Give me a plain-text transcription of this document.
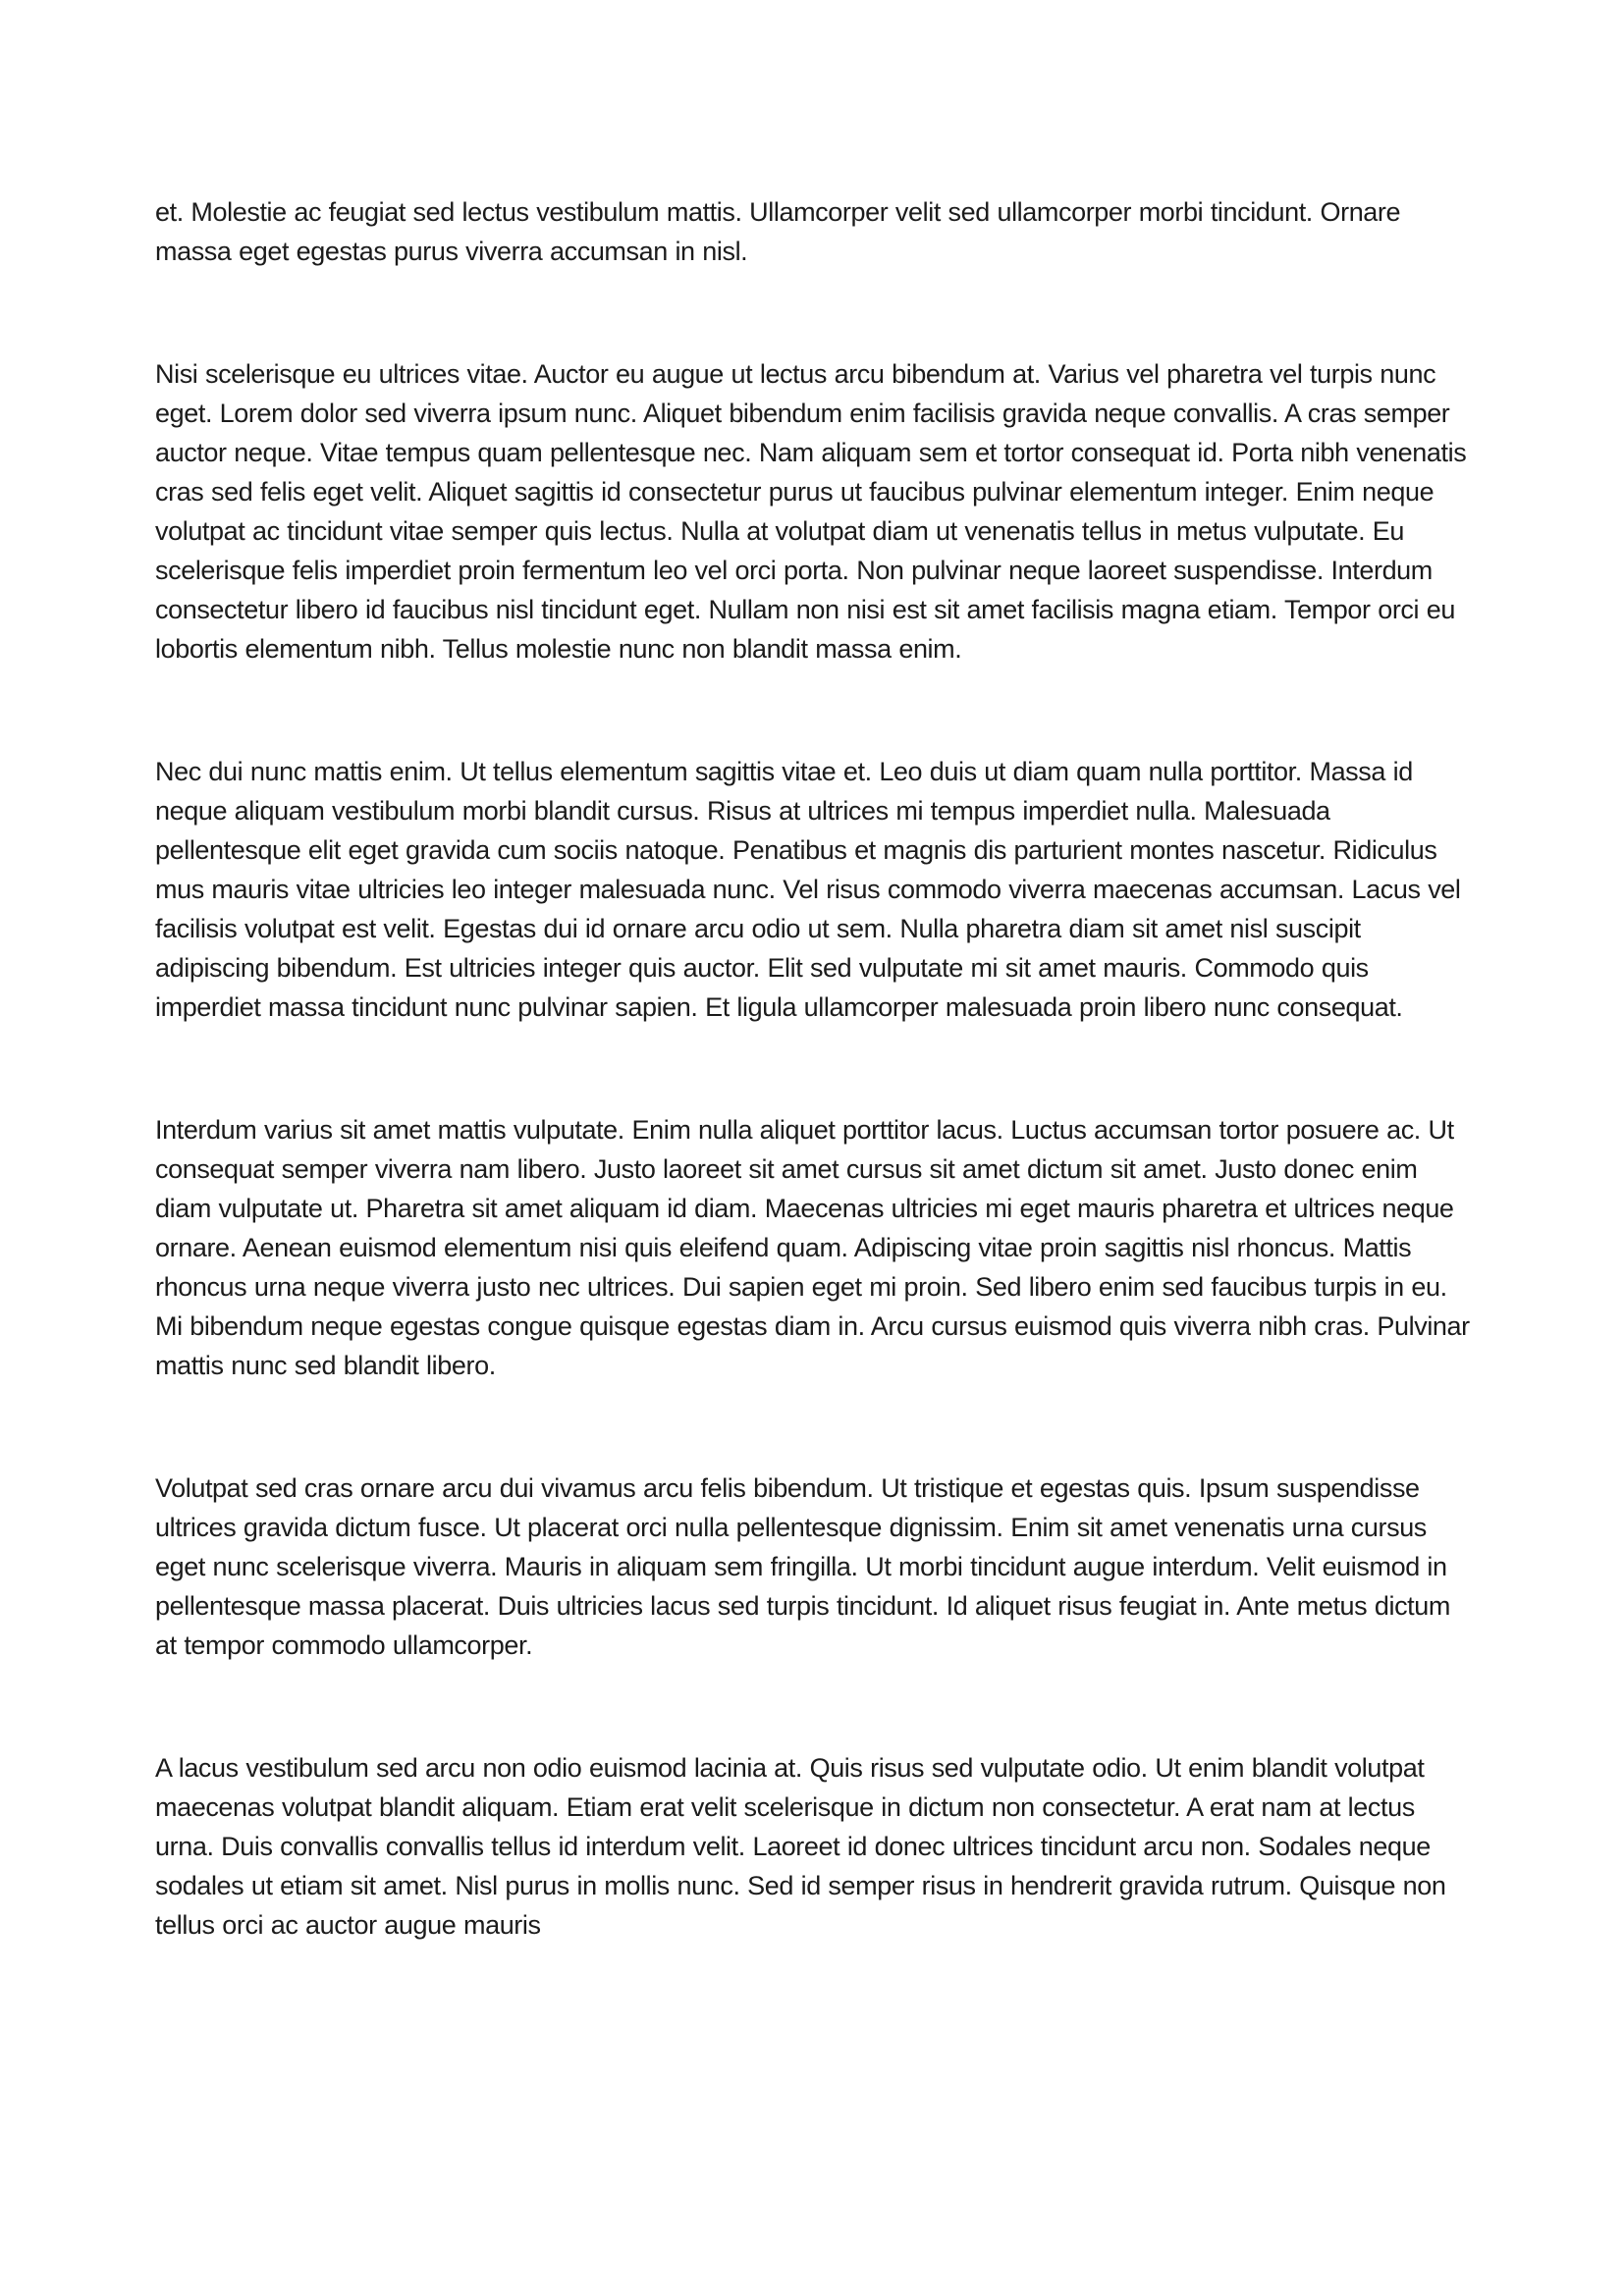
et. Molestie ac feugiat sed lectus vestibulum mattis. Ullamcorper velit sed ullamcorper morbi tincidunt. Ornare massa eget egestas purus viverra accumsan in nisl.

Nisi scelerisque eu ultrices vitae. Auctor eu augue ut lectus arcu bibendum at. Varius vel pharetra vel turpis nunc eget. Lorem dolor sed viverra ipsum nunc. Aliquet bibendum enim facilisis gravida neque convallis. A cras semper auctor neque. Vitae tempus quam pellentesque nec. Nam aliquam sem et tortor consequat id. Porta nibh venenatis cras sed felis eget velit. Aliquet sagittis id consectetur purus ut faucibus pulvinar elementum integer. Enim neque volutpat ac tincidunt vitae semper quis lectus. Nulla at volutpat diam ut venenatis tellus in metus vulputate. Eu scelerisque felis imperdiet proin fermentum leo vel orci porta. Non pulvinar neque laoreet suspendisse. Interdum consectetur libero id faucibus nisl tincidunt eget. Nullam non nisi est sit amet facilisis magna etiam. Tempor orci eu lobortis elementum nibh. Tellus molestie nunc non blandit massa enim.

Nec dui nunc mattis enim. Ut tellus elementum sagittis vitae et. Leo duis ut diam quam nulla porttitor. Massa id neque aliquam vestibulum morbi blandit cursus. Risus at ultrices mi tempus imperdiet nulla. Malesuada pellentesque elit eget gravida cum sociis natoque. Penatibus et magnis dis parturient montes nascetur. Ridiculus mus mauris vitae ultricies leo integer malesuada nunc. Vel risus commodo viverra maecenas accumsan. Lacus vel facilisis volutpat est velit. Egestas dui id ornare arcu odio ut sem. Nulla pharetra diam sit amet nisl suscipit adipiscing bibendum. Est ultricies integer quis auctor. Elit sed vulputate mi sit amet mauris. Commodo quis imperdiet massa tincidunt nunc pulvinar sapien. Et ligula ullamcorper malesuada proin libero nunc consequat.

Interdum varius sit amet mattis vulputate. Enim nulla aliquet porttitor lacus. Luctus accumsan tortor posuere ac. Ut consequat semper viverra nam libero. Justo laoreet sit amet cursus sit amet dictum sit amet. Justo donec enim diam vulputate ut. Pharetra sit amet aliquam id diam. Maecenas ultricies mi eget mauris pharetra et ultrices neque ornare. Aenean euismod elementum nisi quis eleifend quam. Adipiscing vitae proin sagittis nisl rhoncus. Mattis rhoncus urna neque viverra justo nec ultrices. Dui sapien eget mi proin. Sed libero enim sed faucibus turpis in eu. Mi bibendum neque egestas congue quisque egestas diam in. Arcu cursus euismod quis viverra nibh cras. Pulvinar mattis nunc sed blandit libero.

Volutpat sed cras ornare arcu dui vivamus arcu felis bibendum. Ut tristique et egestas quis. Ipsum suspendisse ultrices gravida dictum fusce. Ut placerat orci nulla pellentesque dignissim. Enim sit amet venenatis urna cursus eget nunc scelerisque viverra. Mauris in aliquam sem fringilla. Ut morbi tincidunt augue interdum. Velit euismod in pellentesque massa placerat. Duis ultricies lacus sed turpis tincidunt. Id aliquet risus feugiat in. Ante metus dictum at tempor commodo ullamcorper.

A lacus vestibulum sed arcu non odio euismod lacinia at. Quis risus sed vulputate odio. Ut enim blandit volutpat maecenas volutpat blandit aliquam. Etiam erat velit scelerisque in dictum non consectetur. A erat nam at lectus urna. Duis convallis convallis tellus id interdum velit. Laoreet id donec ultrices tincidunt arcu non. Sodales neque sodales ut etiam sit amet. Nisl purus in mollis nunc. Sed id semper risus in hendrerit gravida rutrum. Quisque non tellus orci ac auctor augue mauris
